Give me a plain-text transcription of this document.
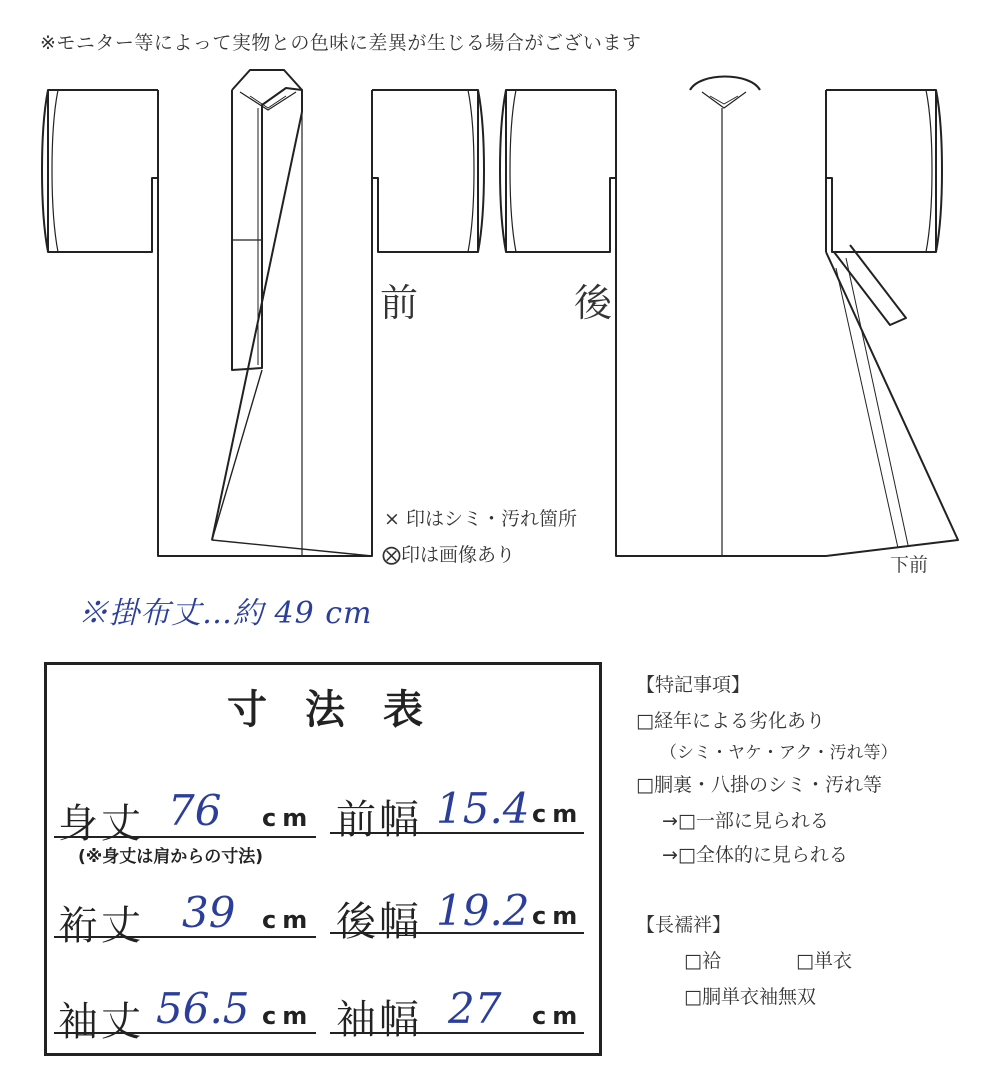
※モニター等によって実物との色味に差異が生じる場合がございます
前	後
下前
× 印はシミ・汚れ箇所
⨂印は画像あり
※掛布丈…約 49 cm
寸法表
身丈 76 cm 前幅 15.4 cm
(※身丈は肩からの寸法)
裄丈 39 cm 後幅 19.2 cm
袖丈 56.5 cm 袖幅 27 cm
【特記事項】
□経年による劣化あり
（シミ・ヤケ・アク・汚れ等）
□胴裏・八掛のシミ・汚れ等
→□一部に見られる
→□全体的に見られる
【長襦袢】
□袷	□単衣
□胴単衣袖無双
